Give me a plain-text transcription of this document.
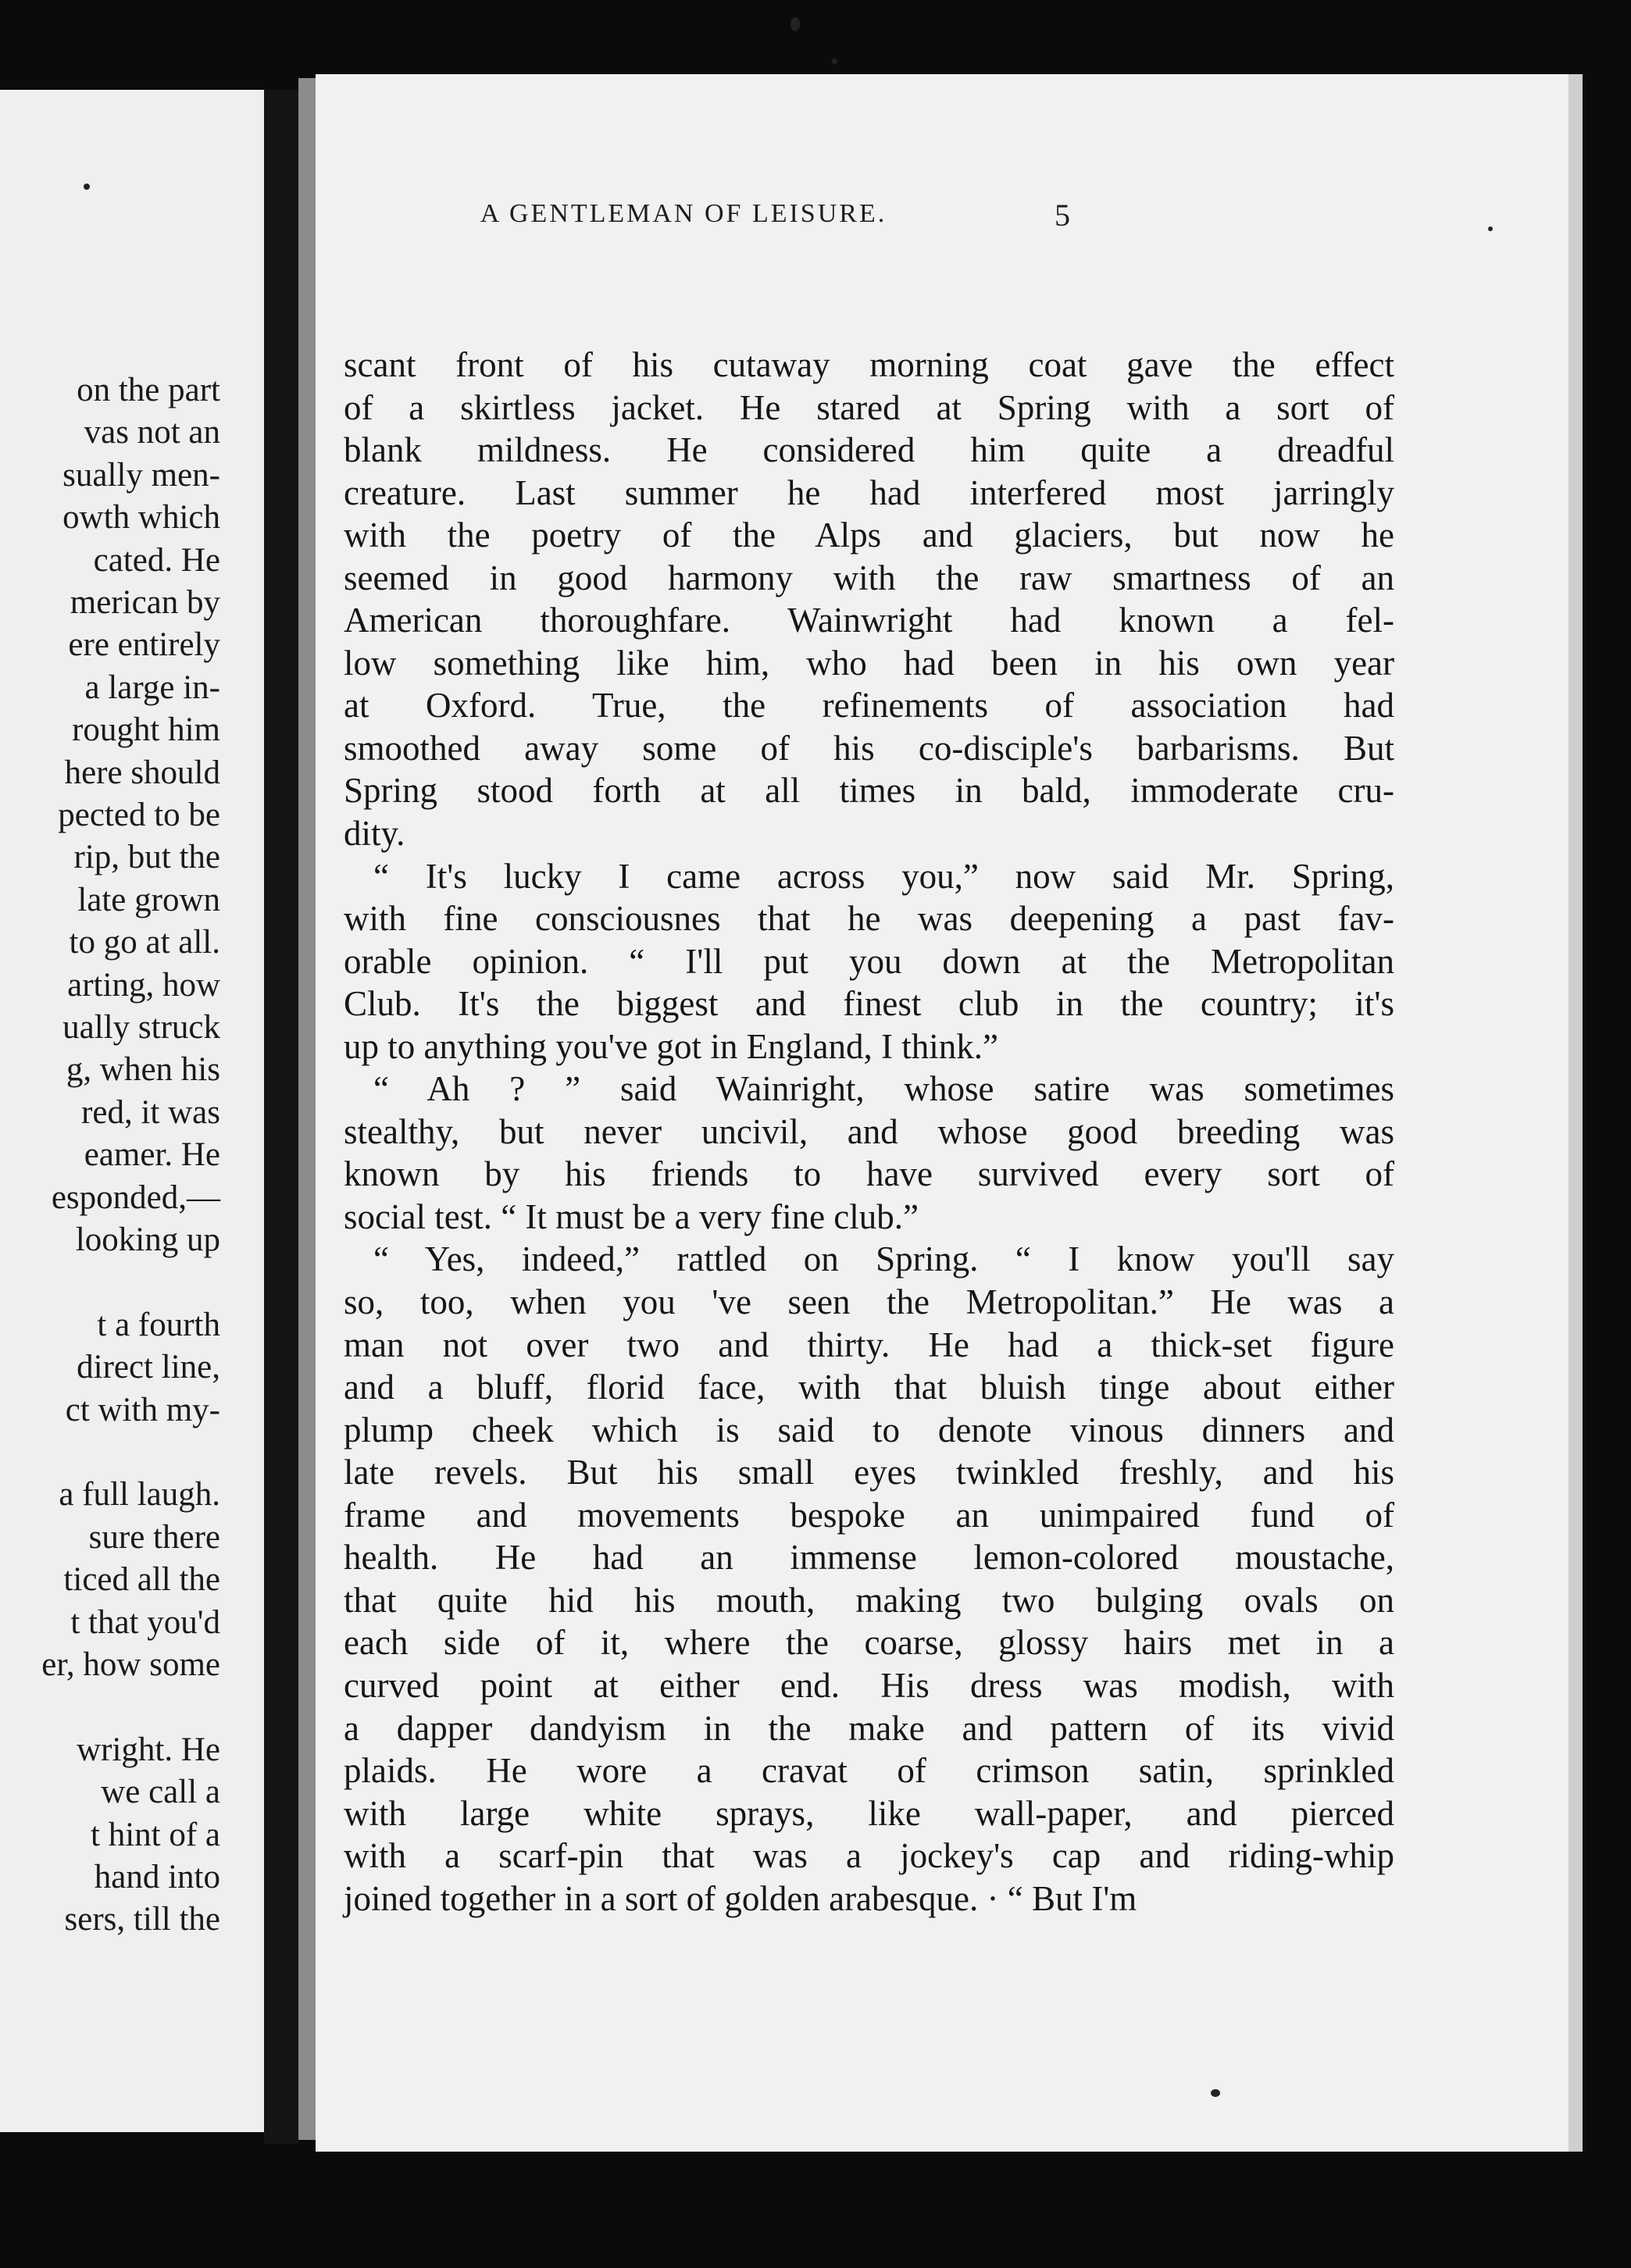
on the part
vas not an
sually men-
owth which
cated. He
merican by
ere entirely
a large in-
rought him
here should
pected to be
rip, but the
late grown
to go at all.
arting, how
ually struck
g, when his
red, it was
eamer. He
esponded,—
looking up
t a fourth
direct line,
ct with my-
a full laugh.
sure there
ticed all the
t that you'd
er, how some
wright. He
we call a
t hint of a
hand into
sers, till the
A GENTLEMAN OF LEISURE.	5
scant front of his cutaway morning coat gave the effect
of a skirtless jacket. He stared at Spring with a sort of
blank mildness. He considered him quite a dreadful
creature. Last summer he had interfered most jarringly
with the poetry of the Alps and glaciers, but now he
seemed in good harmony with the raw smartness of an
American thoroughfare. Wainwright had known a fel-
low something like him, who had been in his own year
at Oxford. True, the refinements of association had
smoothed away some of his co-disciple's barbarisms. But
Spring stood forth at all times in bald, immoderate cru-
dity.
“ It's lucky I came across you,” now said Mr. Spring,
with fine consciousnes that he was deepening a past fav-
orable opinion. “ I'll put you down at the Metropolitan
Club. It's the biggest and finest club in the country; it's
up to anything you've got in England, I think.”
“ Ah ? ” said Wainright, whose satire was sometimes
stealthy, but never uncivil, and whose good breeding was
known by his friends to have survived every sort of
social test. “ It must be a very fine club.”
“ Yes, indeed,” rattled on Spring. “ I know you'll say
so, too, when you 've seen the Metropolitan.” He was a
man not over two and thirty. He had a thick-set figure
and a bluff, florid face, with that bluish tinge about either
plump cheek which is said to denote vinous dinners and
late revels. But his small eyes twinkled freshly, and his
frame and movements bespoke an unimpaired fund of
health. He had an immense lemon-colored moustache,
that quite hid his mouth, making two bulging ovals on
each side of it, where the coarse, glossy hairs met in a
curved point at either end. His dress was modish, with
a dapper dandyism in the make and pattern of its vivid
plaids. He wore a cravat of crimson satin, sprinkled
with large white sprays, like wall-paper, and pierced
with a scarf-pin that was a jockey's cap and riding-whip
joined together in a sort of golden arabesque. · “ But I'm
